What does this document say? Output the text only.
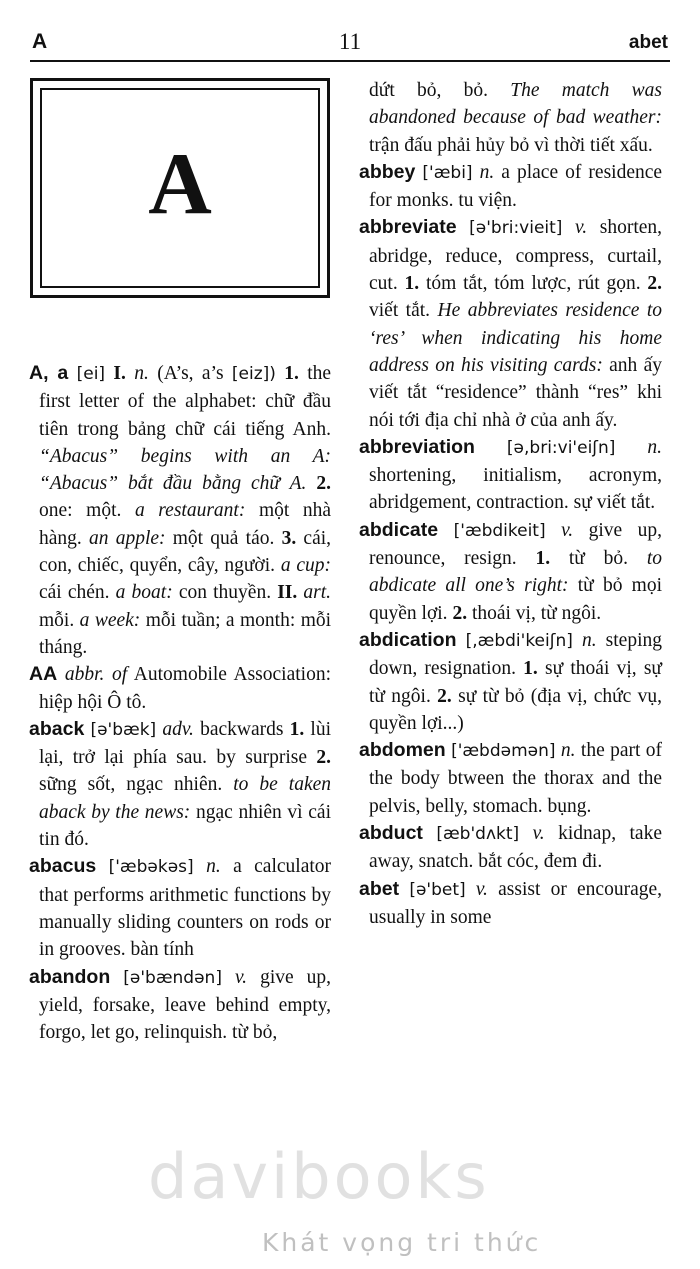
A	11	abet
A
A, a [ei] I. n. (A’s, a’s [eiz]) 1. the first letter of the alphabet: chữ đầu tiên trong bảng chữ cái tiếng Anh. “Abacus” begins with an A: “Abacus” bắt đầu bằng chữ A. 2. one: một. a restaurant: một nhà hàng. an apple: một quả táo. 3. cái, con, chiếc, quyển, cây, người. a cup: cái chén. a boat: con thuyền. II. art. mỗi. a week: mỗi tuần; a month: mỗi tháng.
AA abbr. of Automobile Association: hiệp hội Ô tô.
aback [ə'bæk] adv. backwards 1. lùi lại, trở lại phía sau. by surprise 2. sững sốt, ngạc nhiên. to be taken aback by the news: ngạc nhiên vì cái tin đó.
abacus ['æbəkəs] n. a calculator that performs arithmetic functions by manually sliding counters on rods or in grooves. bàn tính
abandon [ə'bændən] v. give up, yield, forsake, leave behind empty, forgo, let go, relinquish. từ bỏ,
dứt bỏ, bỏ. The match was abandoned because of bad weather: trận đấu phải hủy bỏ vì thời tiết xấu.
abbey ['æbi] n. a place of residence for monks. tu viện.
abbreviate [ə'bri:vieit] v. shorten, abridge, reduce, compress, curtail, cut. 1. tóm tắt, tóm lược, rút gọn. 2. viết tắt. He abbreviates residence to ‘res’ when indicating his home address on his visiting cards: anh ấy viết tắt “residence” thành “res” khi nói tới địa chỉ nhà ở của anh ấy.
abbreviation [ə,bri:vi'eiʃn] n. shortening, initialism, acronym, abridgement, contraction. sự viết tắt.
abdicate ['æbdikeit] v. give up, renounce, resign. 1. từ bỏ. to abdicate all one’s right: từ bỏ mọi quyền lợi. 2. thoái vị, từ ngôi.
abdication [,æbdi'keiʃn] n. steping down, resignation. 1. sự thoái vị, sự từ ngôi. 2. sự từ bỏ (địa vị, chức vụ, quyền lợi...)
abdomen ['æbdəmən] n. the part of the body btween the thorax and the pelvis, belly, stomach. bụng.
abduct [æb'dʌkt] v. kidnap, take away, snatch. bắt cóc, đem đi.
abet [ə'bet] v. assist or encourage, usually in some
davibooks
Khát vọng tri thức
